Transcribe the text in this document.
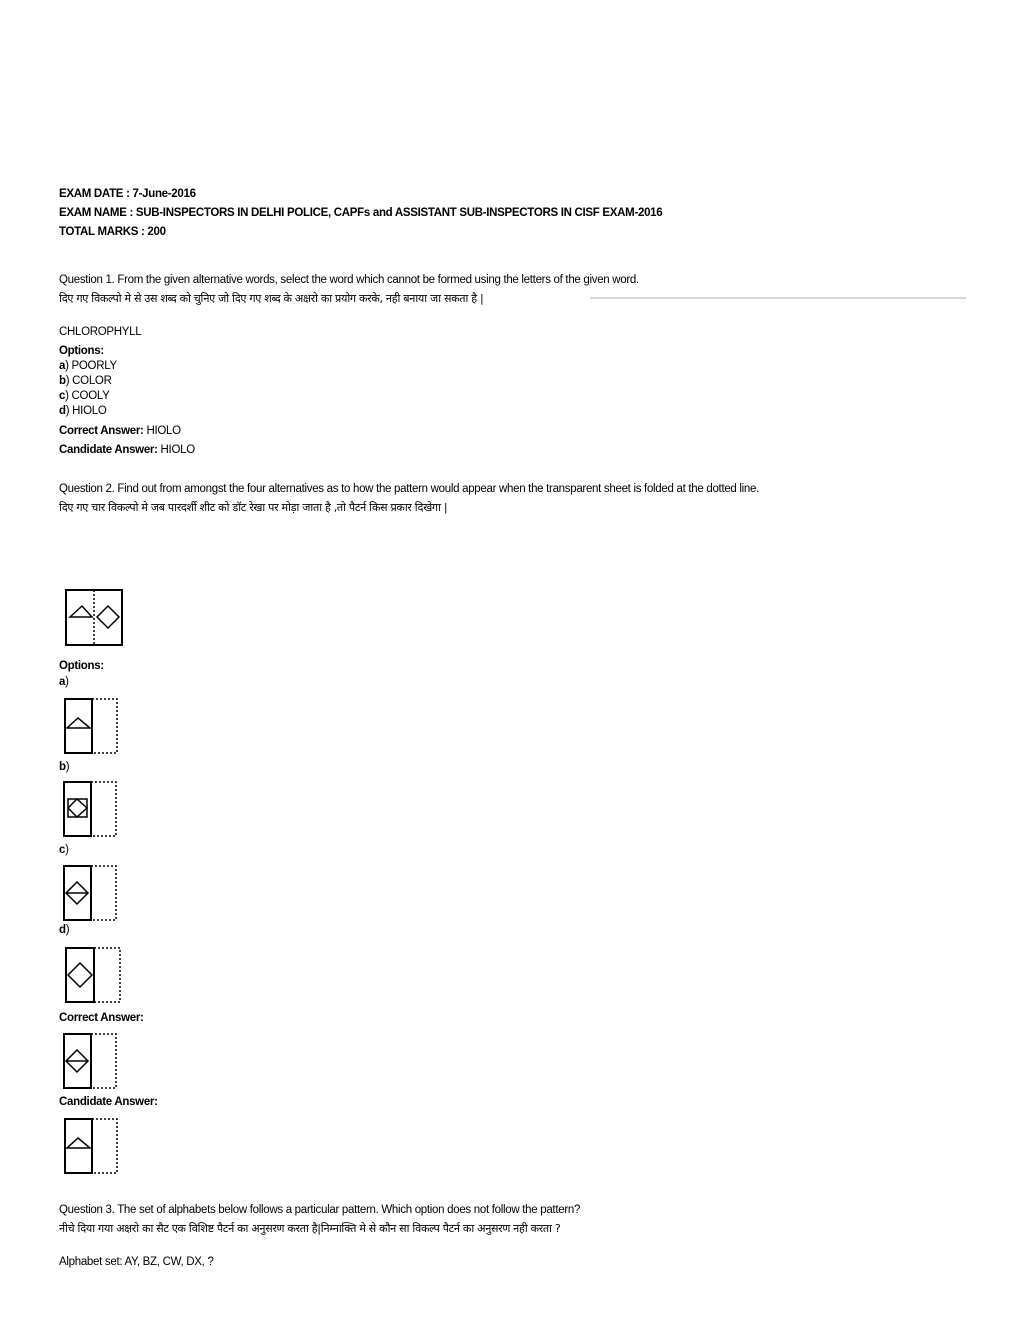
EXAM DATE : 7-June-2016
EXAM NAME : SUB-INSPECTORS IN DELHI POLICE, CAPFs and ASSISTANT SUB-INSPECTORS IN CISF EXAM-2016
TOTAL MARKS : 200
Question 1. From the given alternative words, select the word which cannot be formed using the letters of the given word.
दिए गए विकल्पो मे से उस शब्द को चुनिए जो दिए गए शब्द के अक्षरो का प्रयोग करके, नही बनाया जा सकता है |
CHLOROPHYLL
Options:
a) POORLY
b) COLOR
c) COOLY
d) HIOLO
Correct Answer: HIOLO
Candidate Answer: HIOLO
Question 2. Find out from amongst the four alternatives as to how the pattern would appear when the transparent sheet is folded at the dotted line.
दिए गए चार विकल्पो मे जब पारदर्शी शीट को डॉट रेखा पर मोड़ा जाता है ,तो पैटर्न किस प्रकार दिखेगा |
Options:
a)
b)
c)
d)
Correct Answer:
Candidate Answer:
Question 3. The set of alphabets below follows a particular pattern. Which option does not follow the pattern?
नीचे दिया गया अक्षरो का सैट एक विशिष्ट पैटर्न का अनुसरण करता है|निम्नाक्ति मे से कौन सा विकल्प पैटर्न का अनुसरण नही करता ?
Alphabet set: AY, BZ, CW, DX, ?
